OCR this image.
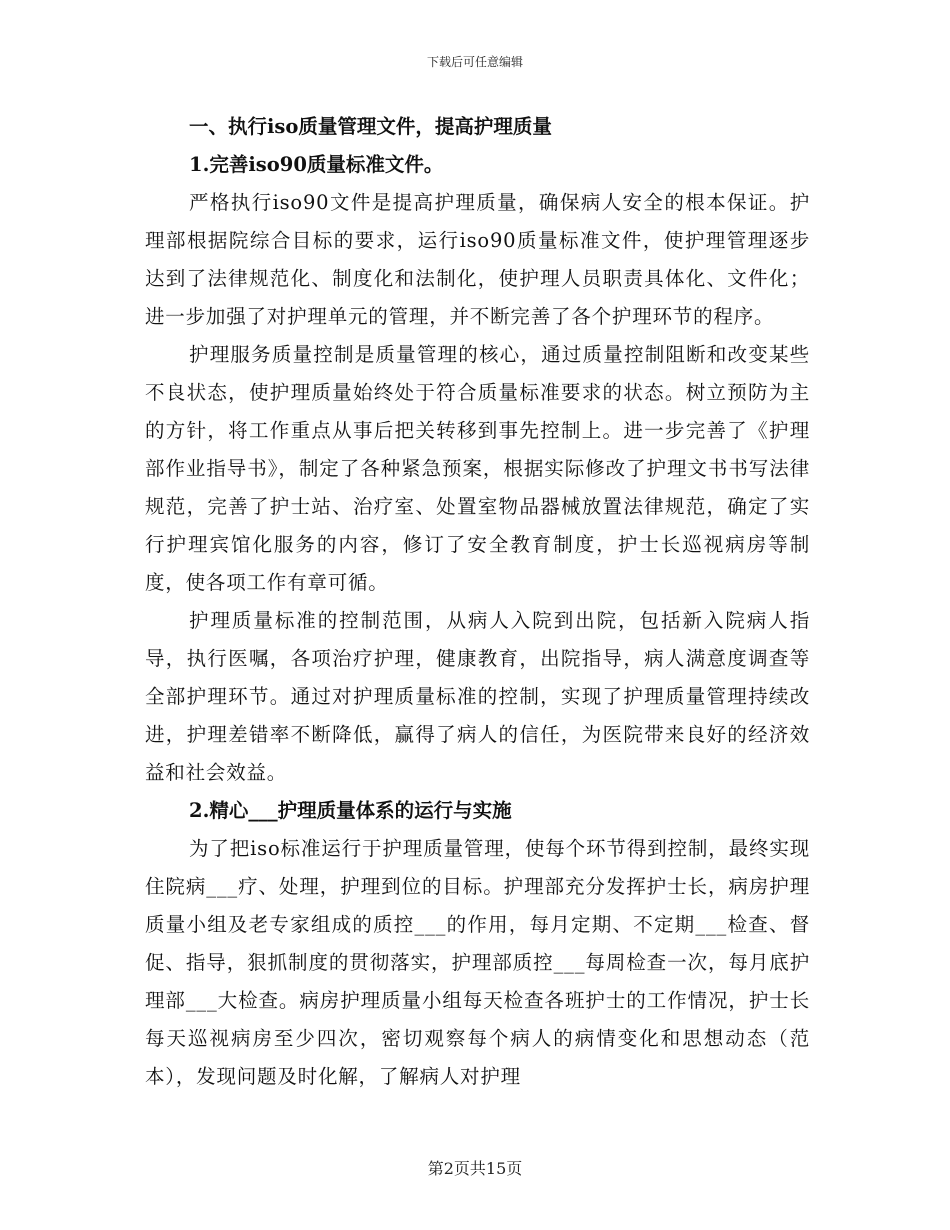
下载后可任意编辑

一、执行iso质量管理文件，提高护理质量

1.完善iso90质量标准文件。

严格执行iso90文件是提高护理质量，确保病人安全的根本保证。护理部根据院综合目标的要求，运行iso90质量标准文件，使护理管理逐步达到了法律规范化、制度化和法制化，使护理人员职责具体化、文件化；进一步加强了对护理单元的管理，并不断完善了各个护理环节的程序。

护理服务质量控制是质量管理的核心，通过质量控制阻断和改变某些不良状态，使护理质量始终处于符合质量标准要求的状态。树立预防为主的方针，将工作重点从事后把关转移到事先控制上。进一步完善了《护理部作业指导书》，制定了各种紧急预案，根据实际修改了护理文书书写法律规范，完善了护士站、治疗室、处置室物品器械放置法律规范，确定了实行护理宾馆化服务的内容，修订了安全教育制度，护士长巡视病房等制度，使各项工作有章可循。

护理质量标准的控制范围，从病人入院到出院，包括新入院病人指导，执行医嘱，各项治疗护理，健康教育，出院指导，病人满意度调查等全部护理环节。通过对护理质量标准的控制，实现了护理质量管理持续改进，护理差错率不断降低，赢得了病人的信任，为医院带来良好的经济效益和社会效益。

2.精心___护理质量体系的运行与实施

为了把iso标准运行于护理质量管理，使每个环节得到控制，最终实现住院病___疗、处理，护理到位的目标。护理部充分发挥护士长，病房护理质量小组及老专家组成的质控___的作用，每月定期、不定期___检查、督促、指导，狠抓制度的贯彻落实，护理部质控___每周检查一次，每月底护理部___大检查。病房护理质量小组每天检查各班护士的工作情况，护士长每天巡视病房至少四次，密切观察每个病人的病情变化和思想动态（范本），发现问题及时化解，了解病人对护理

第2页共15页
